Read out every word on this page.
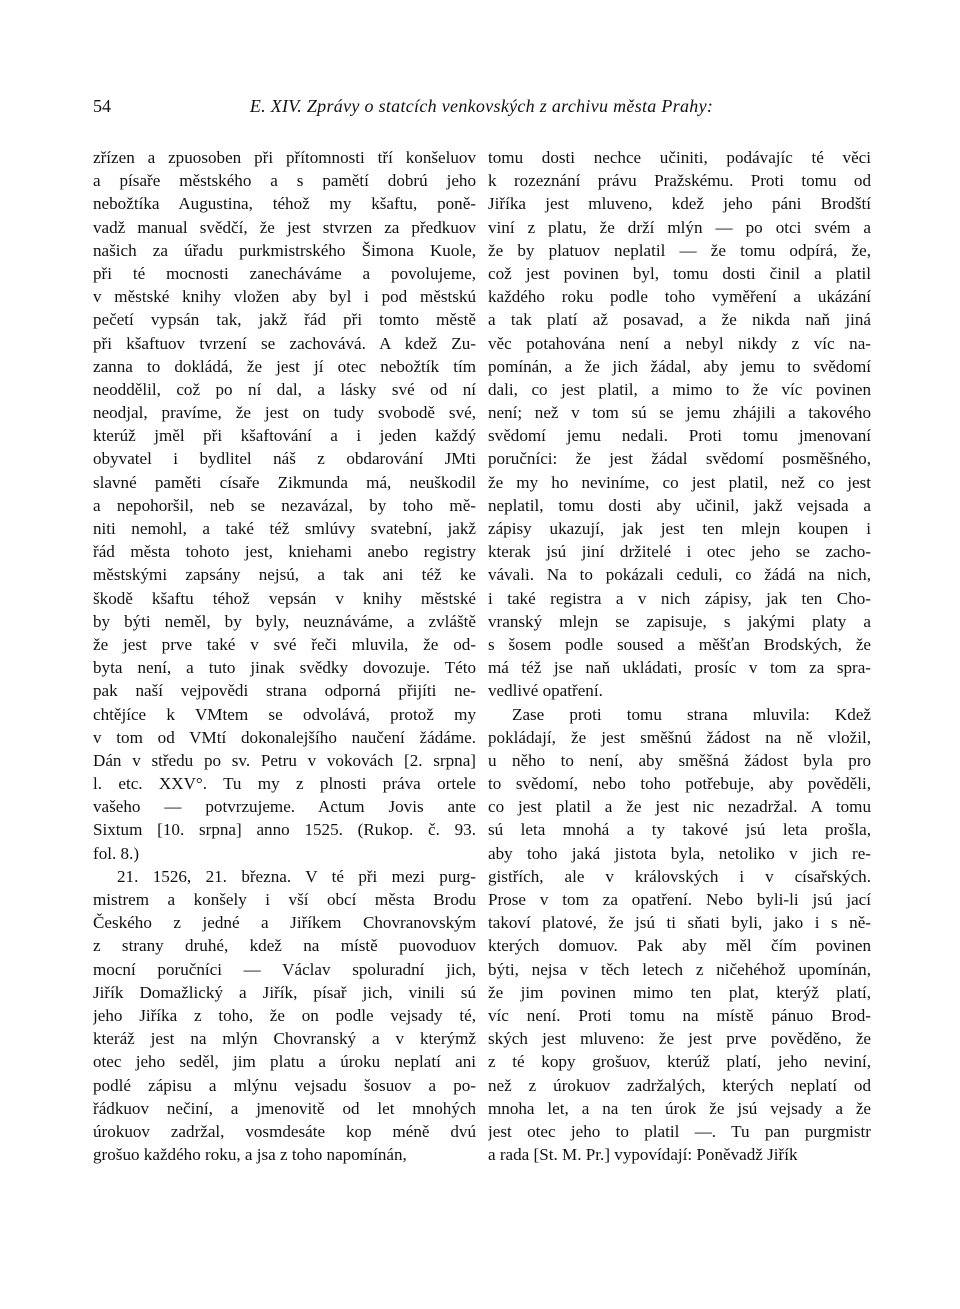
54	E. XIV. Zprávy o statcích venkovských z archivu města Prahy:
zřízen a zpuosoben při přítomnosti tří konšeluov
a písaře městského a s pamětí dobrú jeho
nebožtíka Augustina, téhož my kšaftu, poně-
vadž manual svědčí, že jest stvrzen za předkuov
našich za úřadu purkmistrského Šimona Kuole,
při té mocnosti zanecháváme a povolujeme,
v městské knihy vložen aby byl i pod městskú
pečetí vypsán tak, jakž řád při tomto městě
při kšaftuov tvrzení se zachovává. A kdež Zu-
zanna to dokládá, že jest jí otec nebožtík tím
neoddělil, což po ní dal, a lásky své od ní
neodjal, pravíme, že jest on tudy svobodě své,
kterúž jměl při kšaftování a i jeden každý
obyvatel i bydlitel náš z obdarování JMti
slavné paměti císaře Zikmunda má, neuškodil
a nepohoršil, neb se nezavázal, by toho mě-
niti nemohl, a také též smlúvy svatební, jakž
řád města tohoto jest, kniehami anebo registry
městskými zapsány nejsú, a tak ani též ke
škodě kšaftu téhož vepsán v knihy městské
by býti neměl, by byly, neuznáváme, a zvláště
že jest prve také v své řeči mluvila, že od-
byta není, a tuto jinak svědky dovozuje. Této
pak naší vejpovědi strana odporná přijíti ne-
chtějíce k VMtem se odvolává, protož my
v tom od VMtí dokonalejšího naučení žádáme.
Dán v středu po sv. Petru v vokovách [2. srpna]
l. etc. XXV°. Tu my z plnosti práva ortele
vašeho — potvrzujeme. Actum Jovis ante
Sixtum [10. srpna] anno 1525. (Rukop. č. 93.
fol. 8.)
21. 1526, 21. března. V té při mezi purg-
mistrem a konšely i vší obcí města Brodu
Českého z jedné a Jiříkem Chovranovským
z strany druhé, kdež na místě puovoduov
mocní poručníci — Václav spoluradní jich,
Jiřík Domažlický a Jiřík, písař jich, vinili sú
jeho Jiříka z toho, že on podle vejsady té,
kteráž jest na mlýn Chovranský a v kterýmž
otec jeho seděl, jim platu a úroku neplatí ani
podlé zápisu a mlýnu vejsadu šosuov a po-
řádkuov nečiní, a jmenovitě od let mnohých
úrokuov zadržal, vosmdesáte kop méně dvú
grošuo každého roku, a jsa z toho napomínán,
tomu dosti nechce učiniti, podávajíc té věci
k rozeznání právu Pražskému. Proti tomu od
Jiříka jest mluveno, kdež jeho páni Brodští
viní z platu, že drží mlýn — po otci svém a
že by platuov neplatil — že tomu odpírá, že,
což jest povinen byl, tomu dosti činil a platil
každého roku podle toho vyměření a ukázání
a tak platí až posavad, a že nikda naň jiná
věc potahována není a nebyl nikdy z víc na-
pomínán, a že jich žádal, aby jemu to svědomí
dali, co jest platil, a mimo to že víc povinen
není; než v tom sú se jemu zhájili a takového
svědomí jemu nedali. Proti tomu jmenovaní
poručníci: že jest žádal svědomí posměšného,
že my ho neviníme, co jest platil, než co jest
neplatil, tomu dosti aby učinil, jakž vejsada a
zápisy ukazují, jak jest ten mlejn koupen i
kterak jsú jiní držitelé i otec jeho se zacho-
vávali. Na to pokázali ceduli, co žádá na nich,
i také registra a v nich zápisy, jak ten Cho-
vranský mlejn se zapisuje, s jakými platy a
s šosem podle soused a měšťan Brodských, že
má též jse naň ukládati, prosíc v tom za spra-
vedlivé opatření.
Zase proti tomu strana mluvila: Kdež
pokládají, že jest směšnú žádost na ně vložil,
u něho to není, aby směšná žádost byla pro
to svědomí, nebo toho potřebuje, aby pověděli,
co jest platil a že jest nic nezadržal. A tomu
sú leta mnohá a ty takové jsú leta prošla,
aby toho jaká jistota byla, netoliko v jich re-
gistřích, ale v královských i v císařských.
Prose v tom za opatření. Nebo byli-li jsú jací
takoví platové, že jsú ti sňati byli, jako i s ně-
kterých domuov. Pak aby měl čím povinen
býti, nejsa v těch letech z ničehéhož upomínán,
že jim povinen mimo ten plat, kterýž platí,
víc není. Proti tomu na místě pánuo Brod-
ských jest mluveno: že jest prve pověděno, že
z té kopy grošuov, kterúž platí, jeho neviní,
než z úrokuov zadržalých, kterých neplatí od
mnoha let, a na ten úrok že jsú vejsady a že
jest otec jeho to platil —. Tu pan purgmistr
a rada [St. M. Pr.] vypovídají: Poněvadž Jiřík
